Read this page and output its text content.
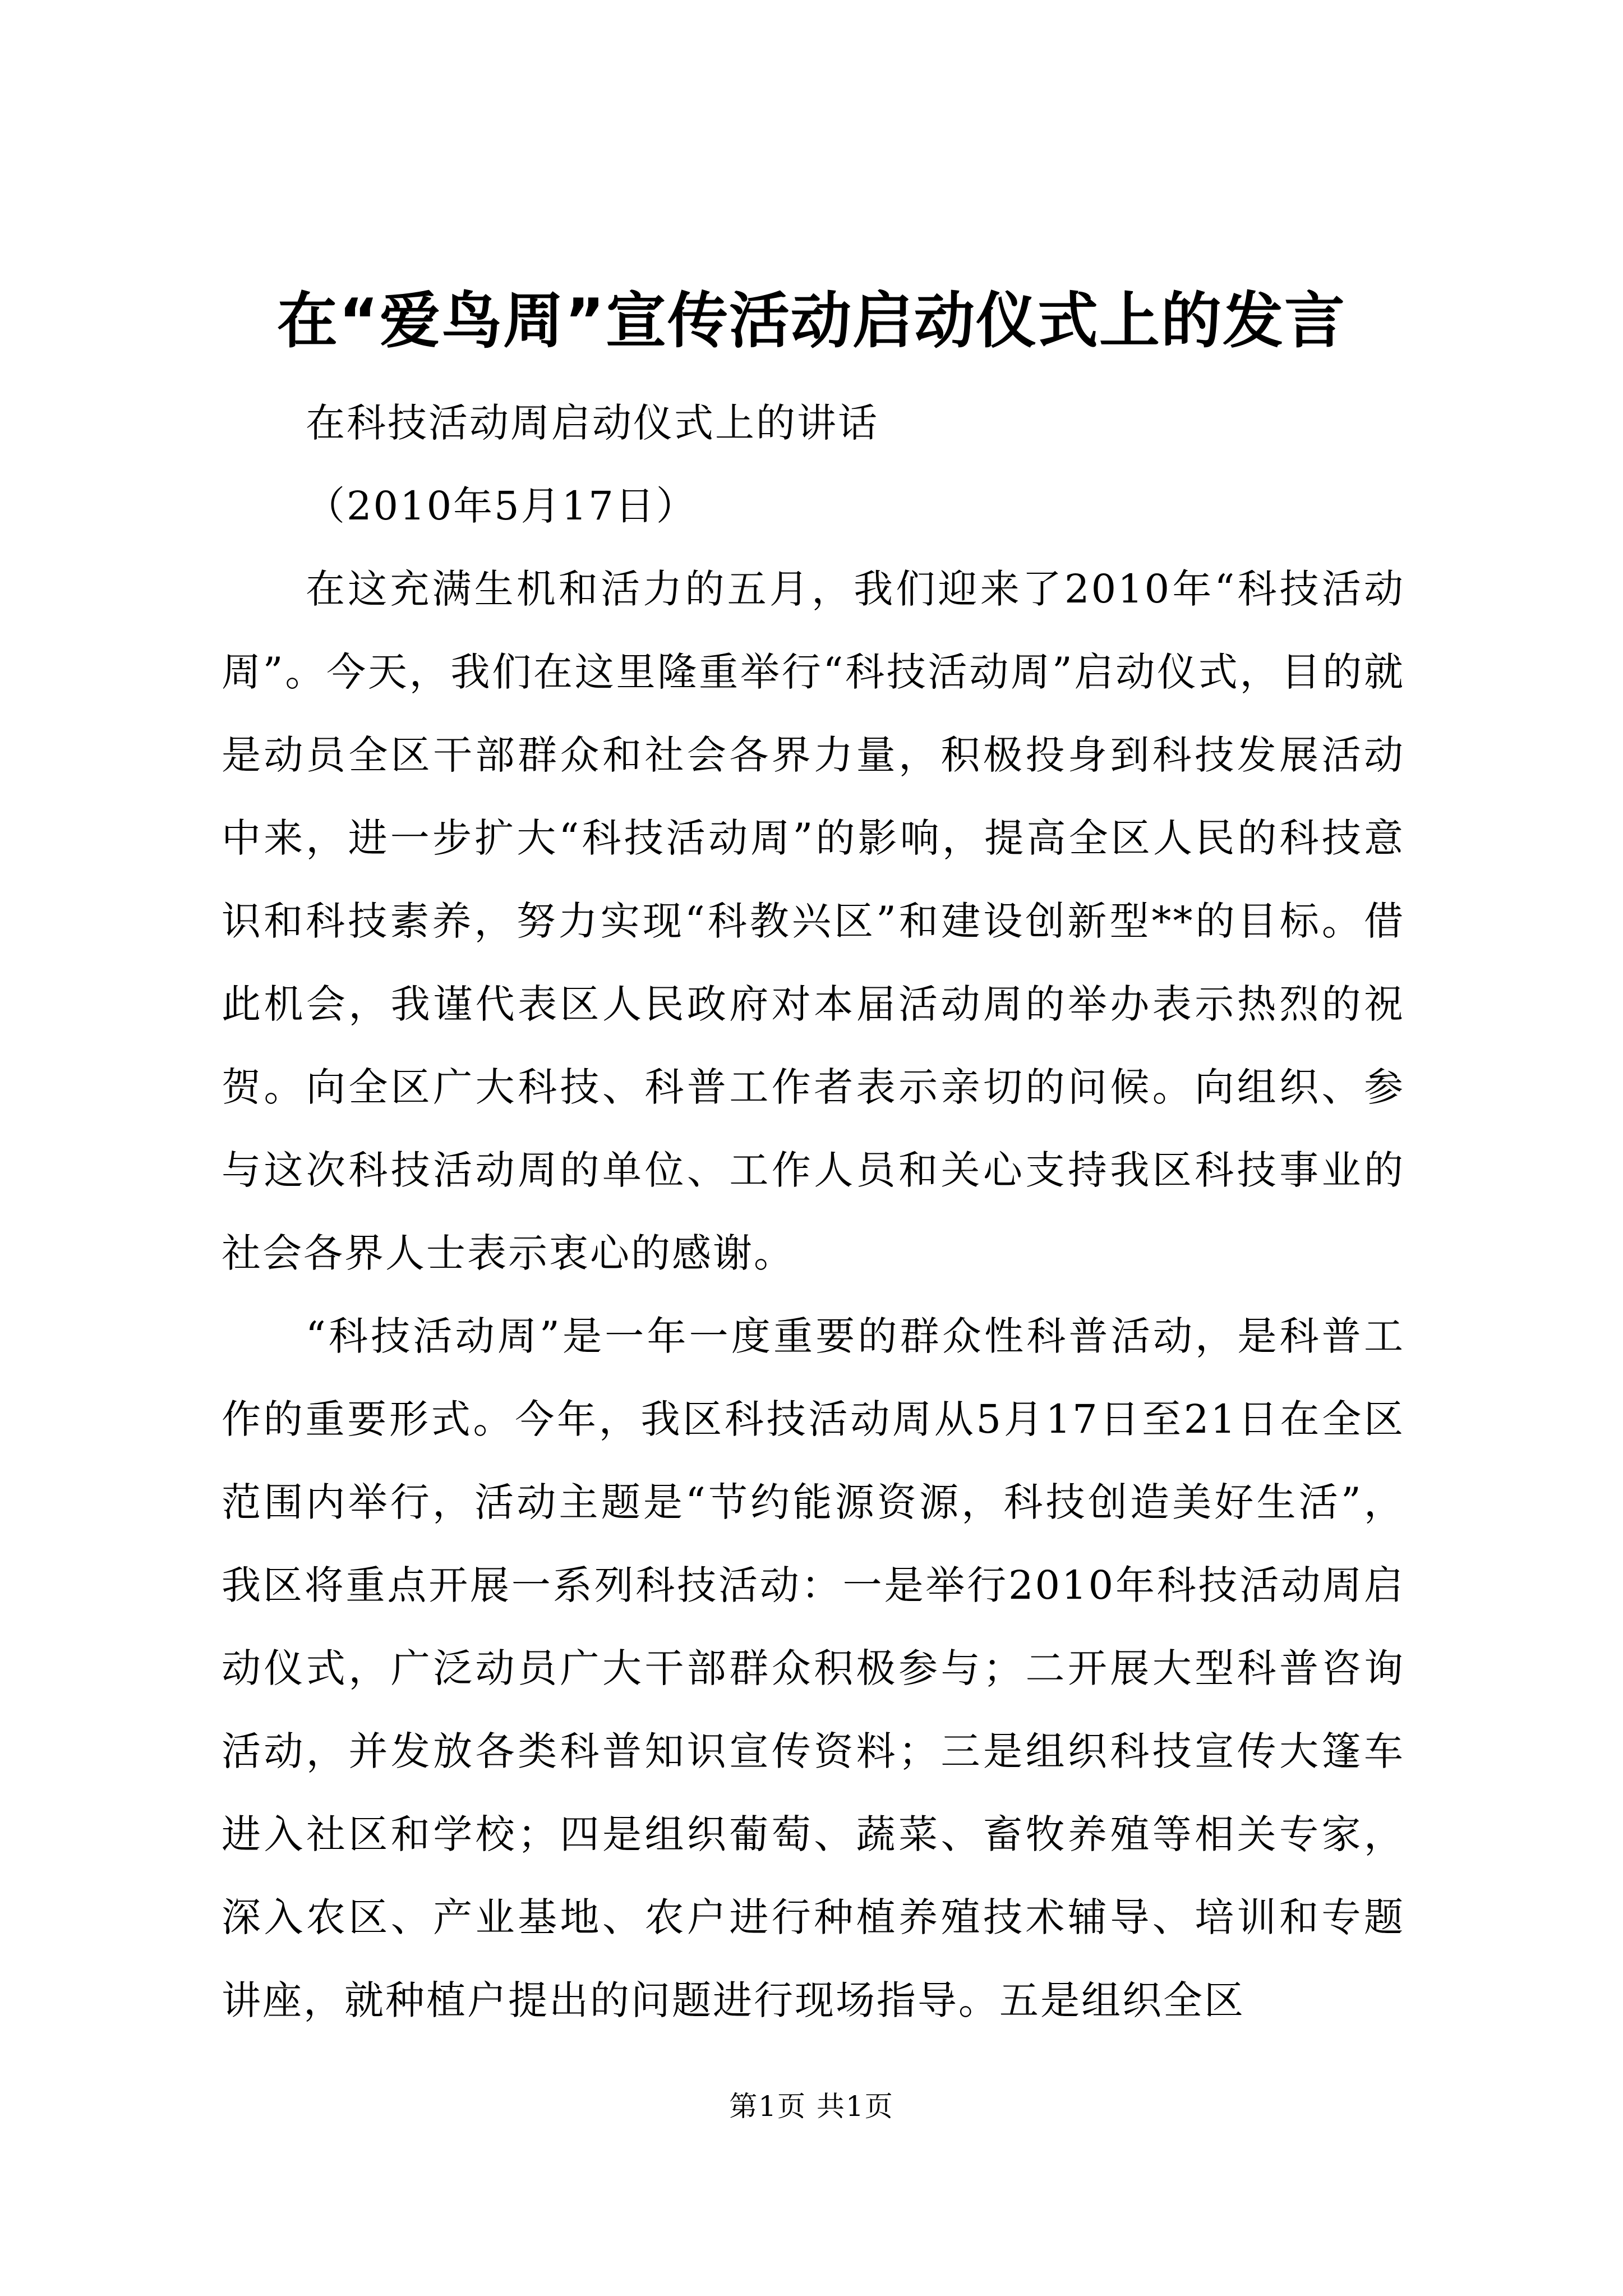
在“爱鸟周”宣传活动启动仪式上的发言

在科技活动周启动仪式上的讲话

（2010年5月17日）

在这充满生机和活力的五月，我们迎来了2010年“科技活动周”。今天，我们在这里隆重举行“科技活动周”启动仪式，目的就是动员全区干部群众和社会各界力量，积极投身到科技发展活动中来，进一步扩大“科技活动周”的影响，提高全区人民的科技意识和科技素养，努力实现“科教兴区”和建设创新型**的目标。借此机会，我谨代表区人民政府对本届活动周的举办表示热烈的祝贺。向全区广大科技、科普工作者表示亲切的问候。向组织、参与这次科技活动周的单位、工作人员和关心支持我区科技事业的社会各界人士表示衷心的感谢。

“科技活动周”是一年一度重要的群众性科普活动，是科普工作的重要形式。今年，我区科技活动周从5月17日至21日在全区范围内举行，活动主题是“节约能源资源，科技创造美好生活”，我区将重点开展一系列科技活动：一是举行2010年科技活动周启动仪式，广泛动员广大干部群众积极参与；二开展大型科普咨询活动，并发放各类科普知识宣传资料；三是组织科技宣传大篷车进入社区和学校；四是组织葡萄、蔬菜、畜牧养殖等相关专家，深入农区、产业基地、农户进行种植养殖技术辅导、培训和专题讲座，就种植户提出的问题进行现场指导。五是组织全区

第1页 共1页
